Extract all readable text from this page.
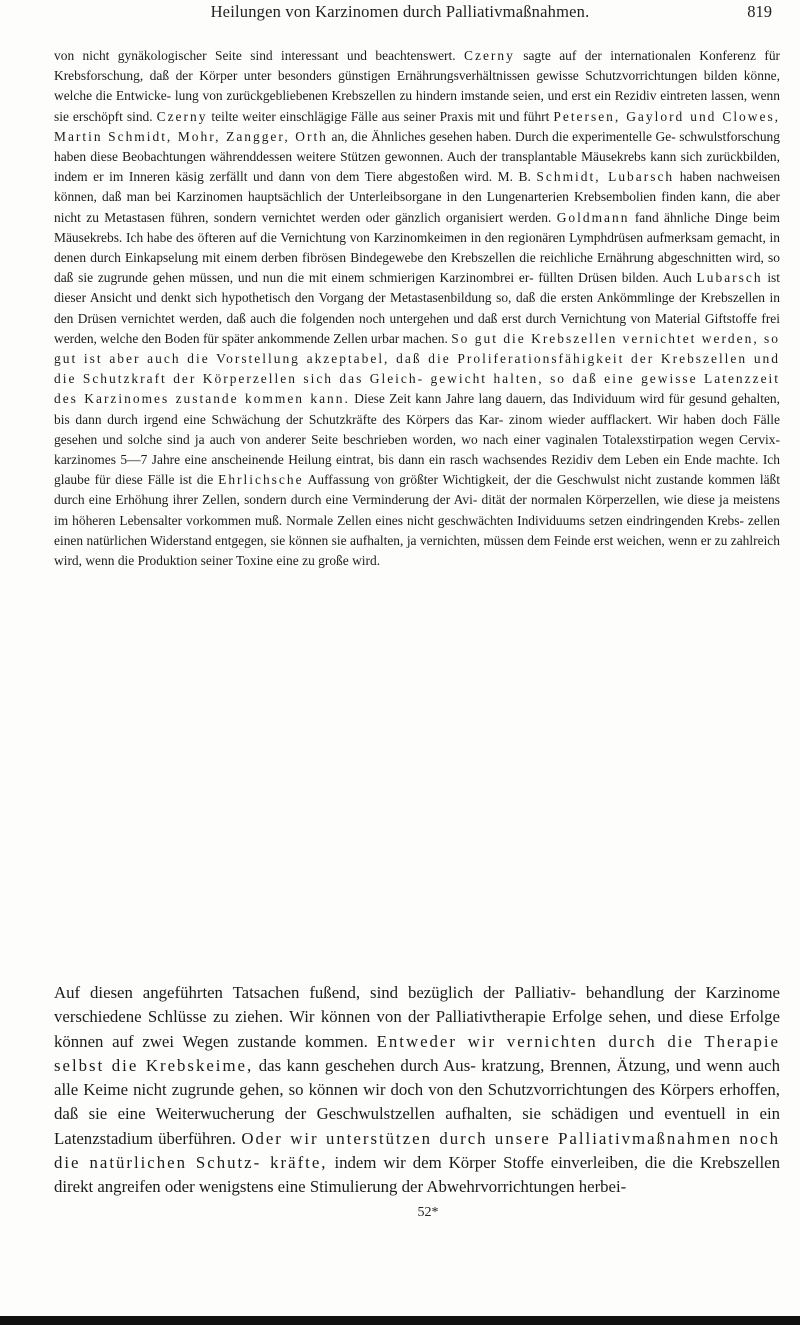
Heilungen von Karzinomen durch Palliativmaßnahmen.	819
von nicht gynäkologischer Seite sind interessant und beachtenswert. Czerny sagte auf der internationalen Konferenz für Krebsforschung, daß der Körper unter besonders günstigen Ernährungsverhältnissen gewisse Schutzvorrichtungen bilden könne, welche die Entwicke- lung von zurückgebliebenen Krebszellen zu hindern imstande seien, und erst ein Rezidiv eintreten lassen, wenn sie erschöpft sind. Czerny teilte weiter einschlägige Fälle aus seiner Praxis mit und führt Petersen, Gaylord und Clowes, Martin Schmidt, Mohr, Zangger, Orth an, die Ähnliches gesehen haben. Durch die experimentelle Ge- schwulstforschung haben diese Beobachtungen währenddessen weitere Stützen gewonnen. Auch der transplantable Mäusekrebs kann sich zurückbilden, indem er im Inneren käsig zerfällt und dann von dem Tiere abgestoßen wird. M. B. Schmidt, Lubarsch haben nachweisen können, daß man bei Karzinomen hauptsächlich der Unterleibsorgane in den Lungenarterien Krebsembolien finden kann, die aber nicht zu Metastasen führen, sondern vernichtet werden oder gänzlich organisiert werden. Goldmann fand ähnliche Dinge beim Mäusekrebs. Ich habe des öfteren auf die Vernichtung von Karzinomkeimen in den regionären Lymphdrüsen aufmerksam gemacht, in denen durch Einkapselung mit einem derben fibrösen Bindegewebe den Krebszellen die reichliche Ernährung abgeschnitten wird, so daß sie zugrunde gehen müssen, und nun die mit einem schmierigen Karzinombrei er- füllten Drüsen bilden. Auch Lubarsch ist dieser Ansicht und denkt sich hypothetisch den Vorgang der Metastasenbildung so, daß die ersten Ankömmlinge der Krebszellen in den Drüsen vernichtet werden, daß auch die folgenden noch untergehen und daß erst durch Vernichtung von Material Giftstoffe frei werden, welche den Boden für später ankommende Zellen urbar machen. So gut die Krebszellen vernichtet werden, so gut ist aber auch die Vorstellung akzeptabel, daß die Proliferationsfähigkeit der Krebszellen und die Schutzkraft der Körperzellen sich das Gleich- gewicht halten, so daß eine gewisse Latenzzeit des Karzinomes zustande kommen kann. Diese Zeit kann Jahre lang dauern, das Individuum wird für gesund gehalten, bis dann durch irgend eine Schwächung der Schutzkräfte des Körpers das Kar- zinom wieder aufflackert. Wir haben doch Fälle gesehen und solche sind ja auch von anderer Seite beschrieben worden, wo nach einer vaginalen Totalexstirpation wegen Cervix- karzinomes 5—7 Jahre eine anscheinende Heilung eintrat, bis dann ein rasch wachsendes Rezidiv dem Leben ein Ende machte. Ich glaube für diese Fälle ist die Ehrlichsche Auffassung von größter Wichtigkeit, der die Geschwulst nicht zustande kommen läßt durch eine Erhöhung ihrer Zellen, sondern durch eine Verminderung der Avi- dität der normalen Körperzellen, wie diese ja meistens im höheren Lebensalter vorkommen muß. Normale Zellen eines nicht geschwächten Individuums setzen eindringenden Krebs- zellen einen natürlichen Widerstand entgegen, sie können sie aufhalten, ja vernichten, müssen dem Feinde erst weichen, wenn er zu zahlreich wird, wenn die Produktion seiner Toxine eine zu große wird.
Auf diesen angeführten Tatsachen fußend, sind bezüglich der Palliativ- behandlung der Karzinome verschiedene Schlüsse zu ziehen. Wir können von der Palliativtherapie Erfolge sehen, und diese Erfolge können auf zwei Wegen zustande kommen. Entweder wir vernichten durch die Therapie selbst die Krebskeime, das kann geschehen durch Aus- kratzung, Brennen, Ätzung, und wenn auch alle Keime nicht zugrunde gehen, so können wir doch von den Schutzvorrichtungen des Körpers erhoffen, daß sie eine Weiterwucherung der Geschwulstzellen aufhalten, sie schädigen und eventuell in ein Latenzstadium überführen. Oder wir unterstützen durch unsere Palliativmaßnahmen noch die natürlichen Schutz- kräfte, indem wir dem Körper Stoffe einverleiben, die die Krebszellen direkt angreifen oder wenigstens eine Stimulierung der Abwehrvorrichtungen herbei-
52*
